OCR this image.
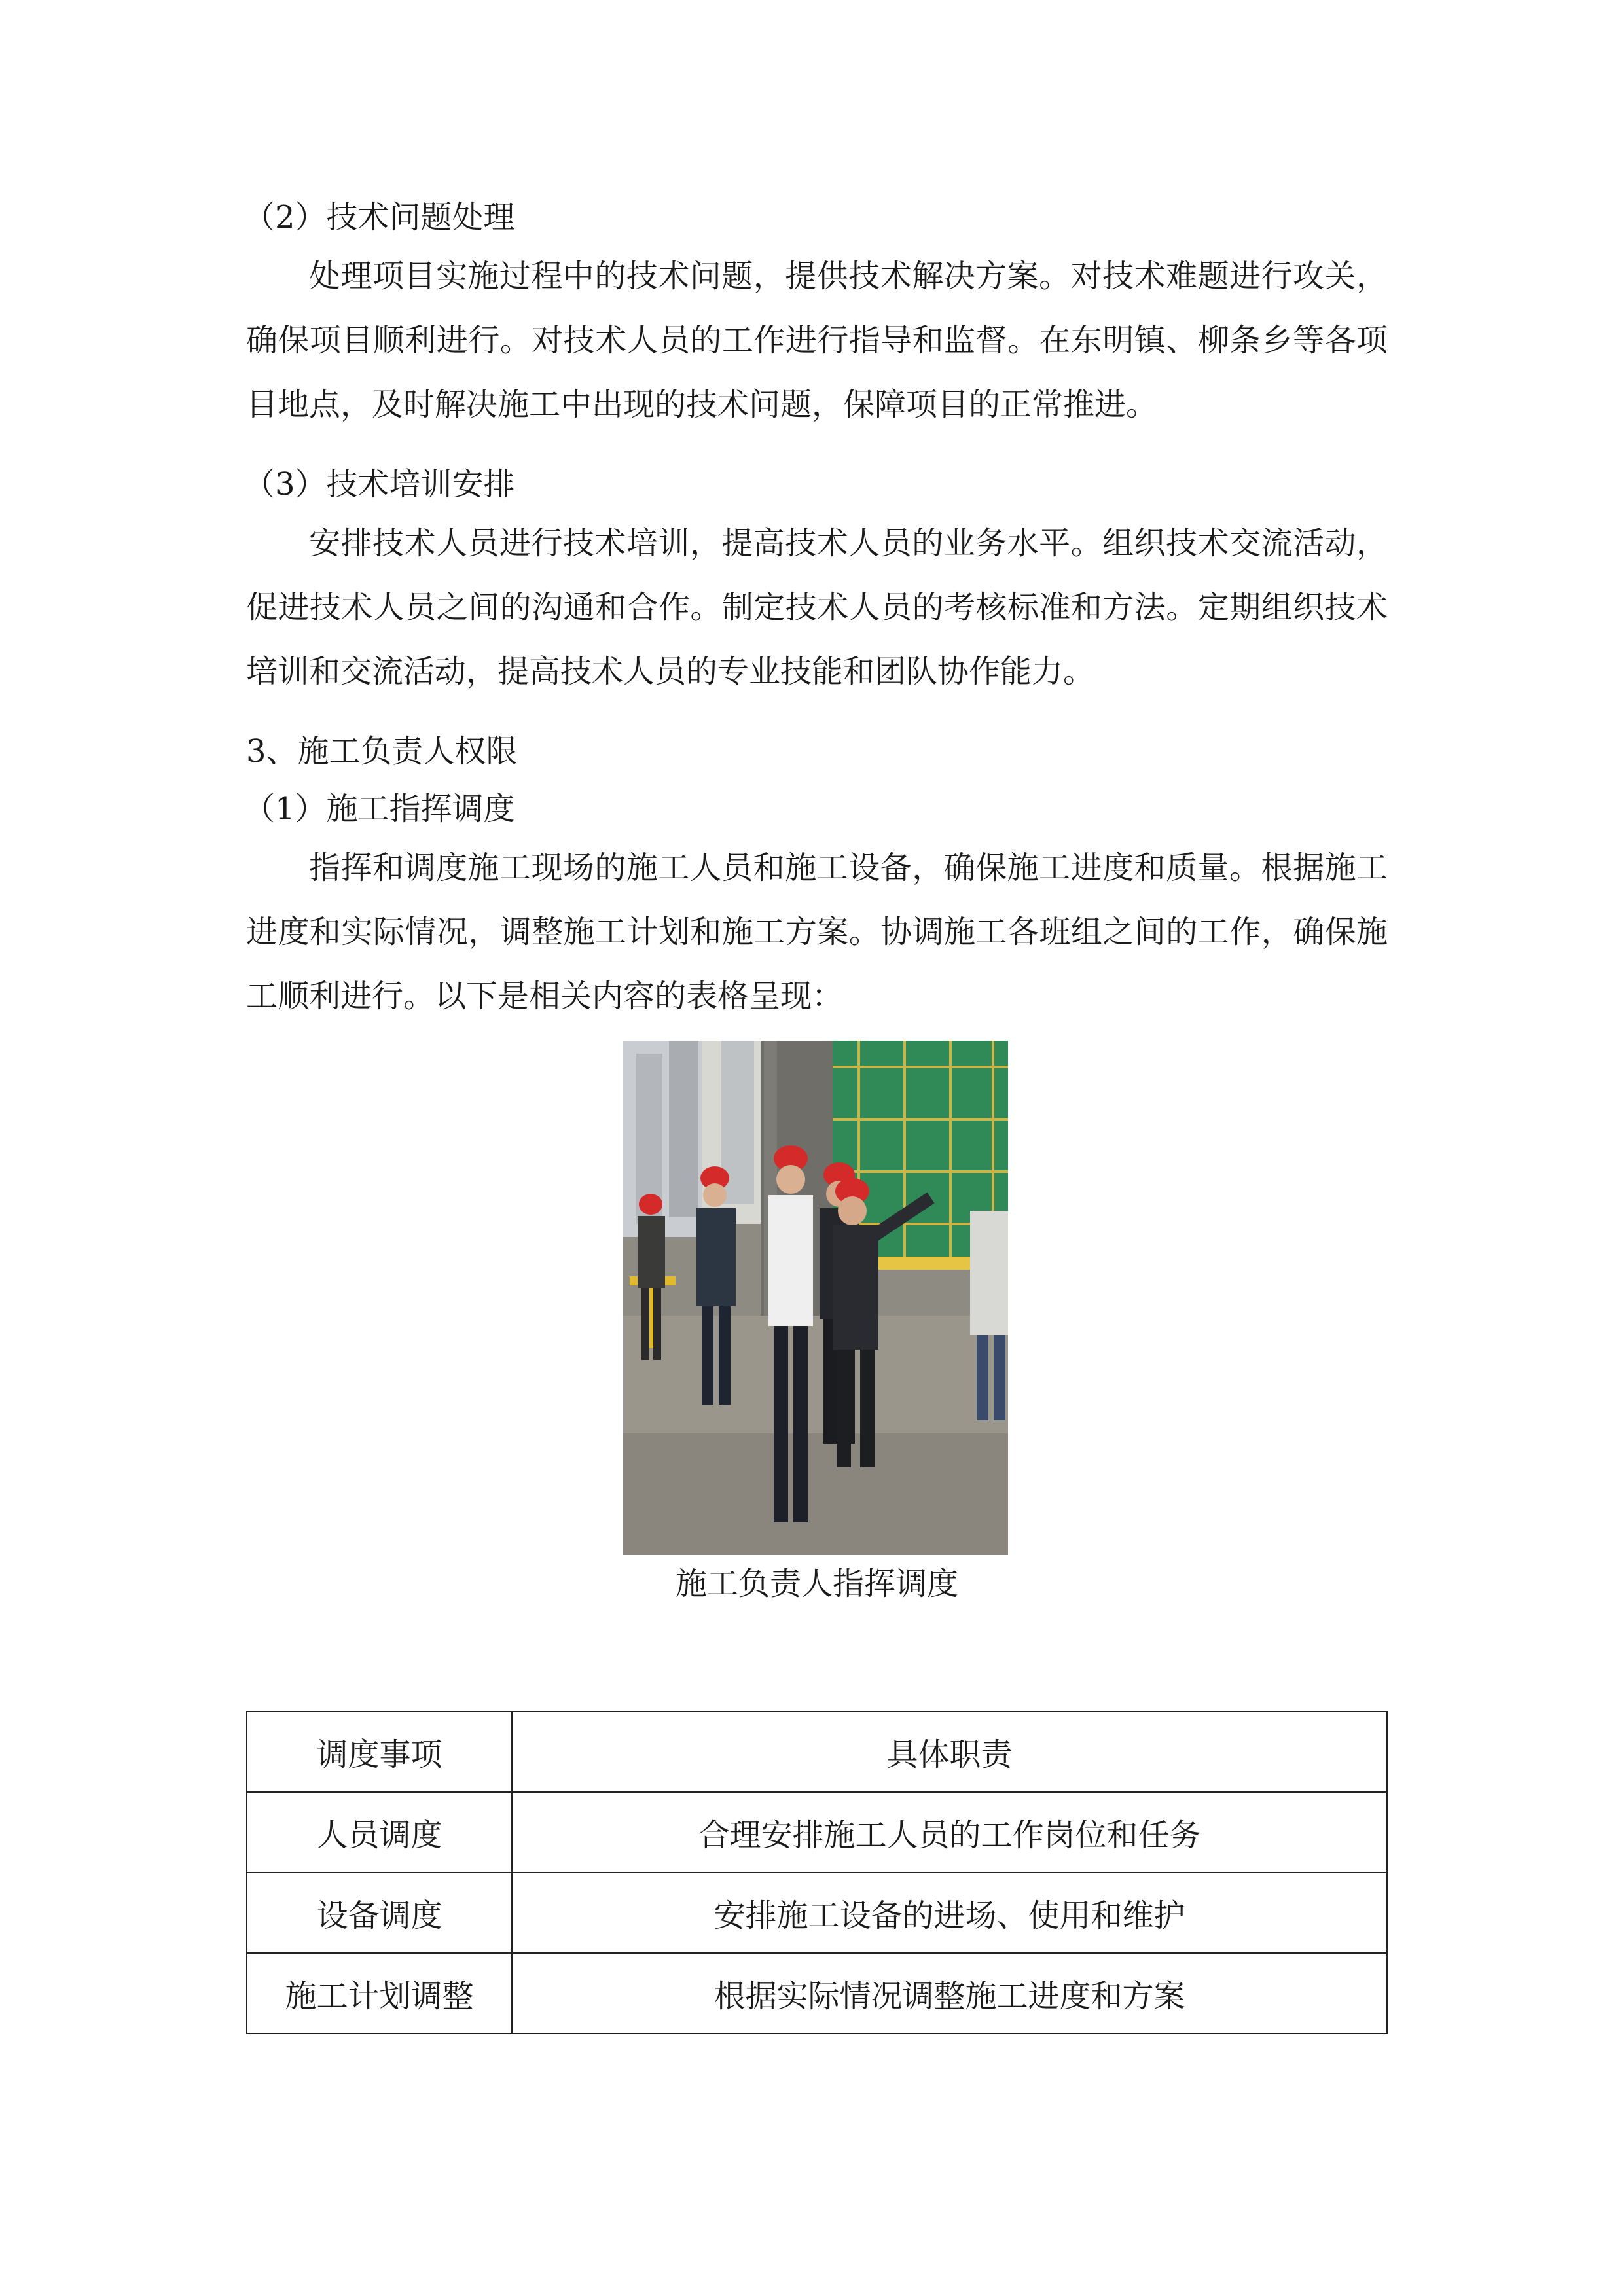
（2）技术问题处理

处理项目实施过程中的技术问题，提供技术解决方案。对技术难题进行攻关，确保项目顺利进行。对技术人员的工作进行指导和监督。在东明镇、柳条乡等各项目地点，及时解决施工中出现的技术问题，保障项目的正常推进。

（3）技术培训安排

安排技术人员进行技术培训，提高技术人员的业务水平。组织技术交流活动，促进技术人员之间的沟通和合作。制定技术人员的考核标准和方法。定期组织技术培训和交流活动，提高技术人员的专业技能和团队协作能力。

3、施工负责人权限

（1）施工指挥调度

指挥和调度施工现场的施工人员和施工设备，确保施工进度和质量。根据施工进度和实际情况，调整施工计划和施工方案。协调施工各班组之间的工作，确保施工顺利进行。以下是相关内容的表格呈现：

施工负责人指挥调度
调度事项	具体职责
人员调度	合理安排施工人员的工作岗位和任务
设备调度	安排施工设备的进场、使用和维护
施工计划调整	根据实际情况调整施工进度和方案
